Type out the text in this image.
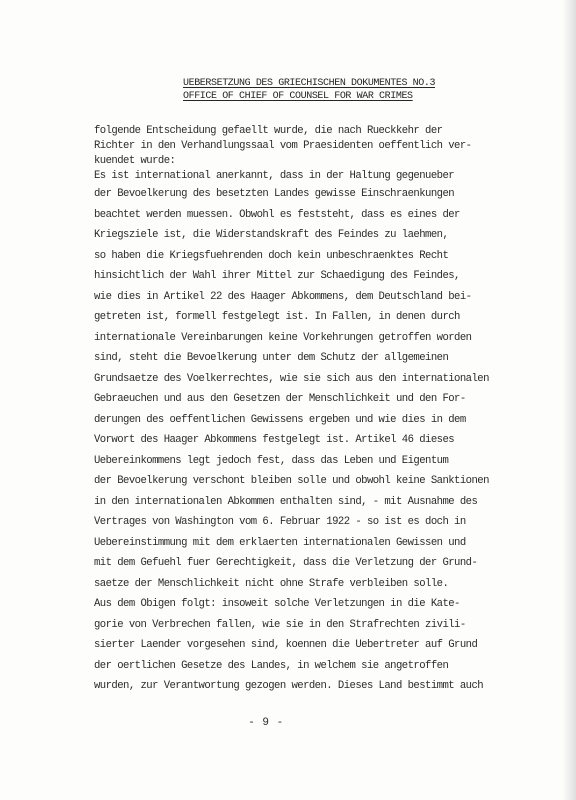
UEBERSETZUNG DES GRIECHISCHEN DOKUMENTES NO.3
OFFICE OF CHIEF OF COUNSEL FOR WAR CRIMES
folgende Entscheidung gefaellt wurde, die nach Rueckkehr der
Richter in den Verhandlungssaal vom Praesidenten oeffentlich ver-
kuendet wurde:
Es ist international anerkannt, dass in der Haltung gegenueber
der Bevoelkerung des besetzten Landes gewisse Einschraenkungen
beachtet werden muessen. Obwohl es feststeht, dass es eines der
Kriegsziele ist, die Widerstandskraft des Feindes zu laehmen,
so haben die Kriegsfuehrenden doch kein unbeschraenktes Recht
hinsichtlich der Wahl ihrer Mittel zur Schaedigung des Feindes,
wie dies in Artikel 22 des Haager Abkommens, dem Deutschland bei-
getreten ist, formell festgelegt ist. In Fallen, in denen durch
internationale Vereinbarungen keine Vorkehrungen getroffen worden
sind, steht die Bevoelkerung unter dem Schutz der allgemeinen
Grundsaetze des Voelkerrechtes, wie sie sich aus den internationalen
Gebraeuchen und aus den Gesetzen der Menschlichkeit und den For-
derungen des oeffentlichen Gewissens ergeben und wie dies in dem
Vorwort des Haager Abkommens festgelegt ist. Artikel 46 dieses
Uebereinkommens legt jedoch fest, dass das Leben und Eigentum
der Bevoelkerung verschont bleiben solle und obwohl keine Sanktionen
in den internationalen Abkommen enthalten sind, - mit Ausnahme des
Vertrages von Washington vom 6. Februar 1922 - so ist es doch in
Uebereinstimmung mit dem erklaerten internationalen Gewissen und
mit dem Gefuehl fuer Gerechtigkeit, dass die Verletzung der Grund-
saetze der Menschlichkeit nicht ohne Strafe verbleiben solle.
Aus dem Obigen folgt: insoweit solche Verletzungen in die Kate-
gorie von Verbrechen fallen, wie sie in den Strafrechten zivili-
sierter Laender vorgesehen sind, koennen die Uebertreter auf Grund
der oertlichen Gesetze des Landes, in welchem sie angetroffen
wurden, zur Verantwortung gezogen werden. Dieses Land bestimmt auch
- 9 -
